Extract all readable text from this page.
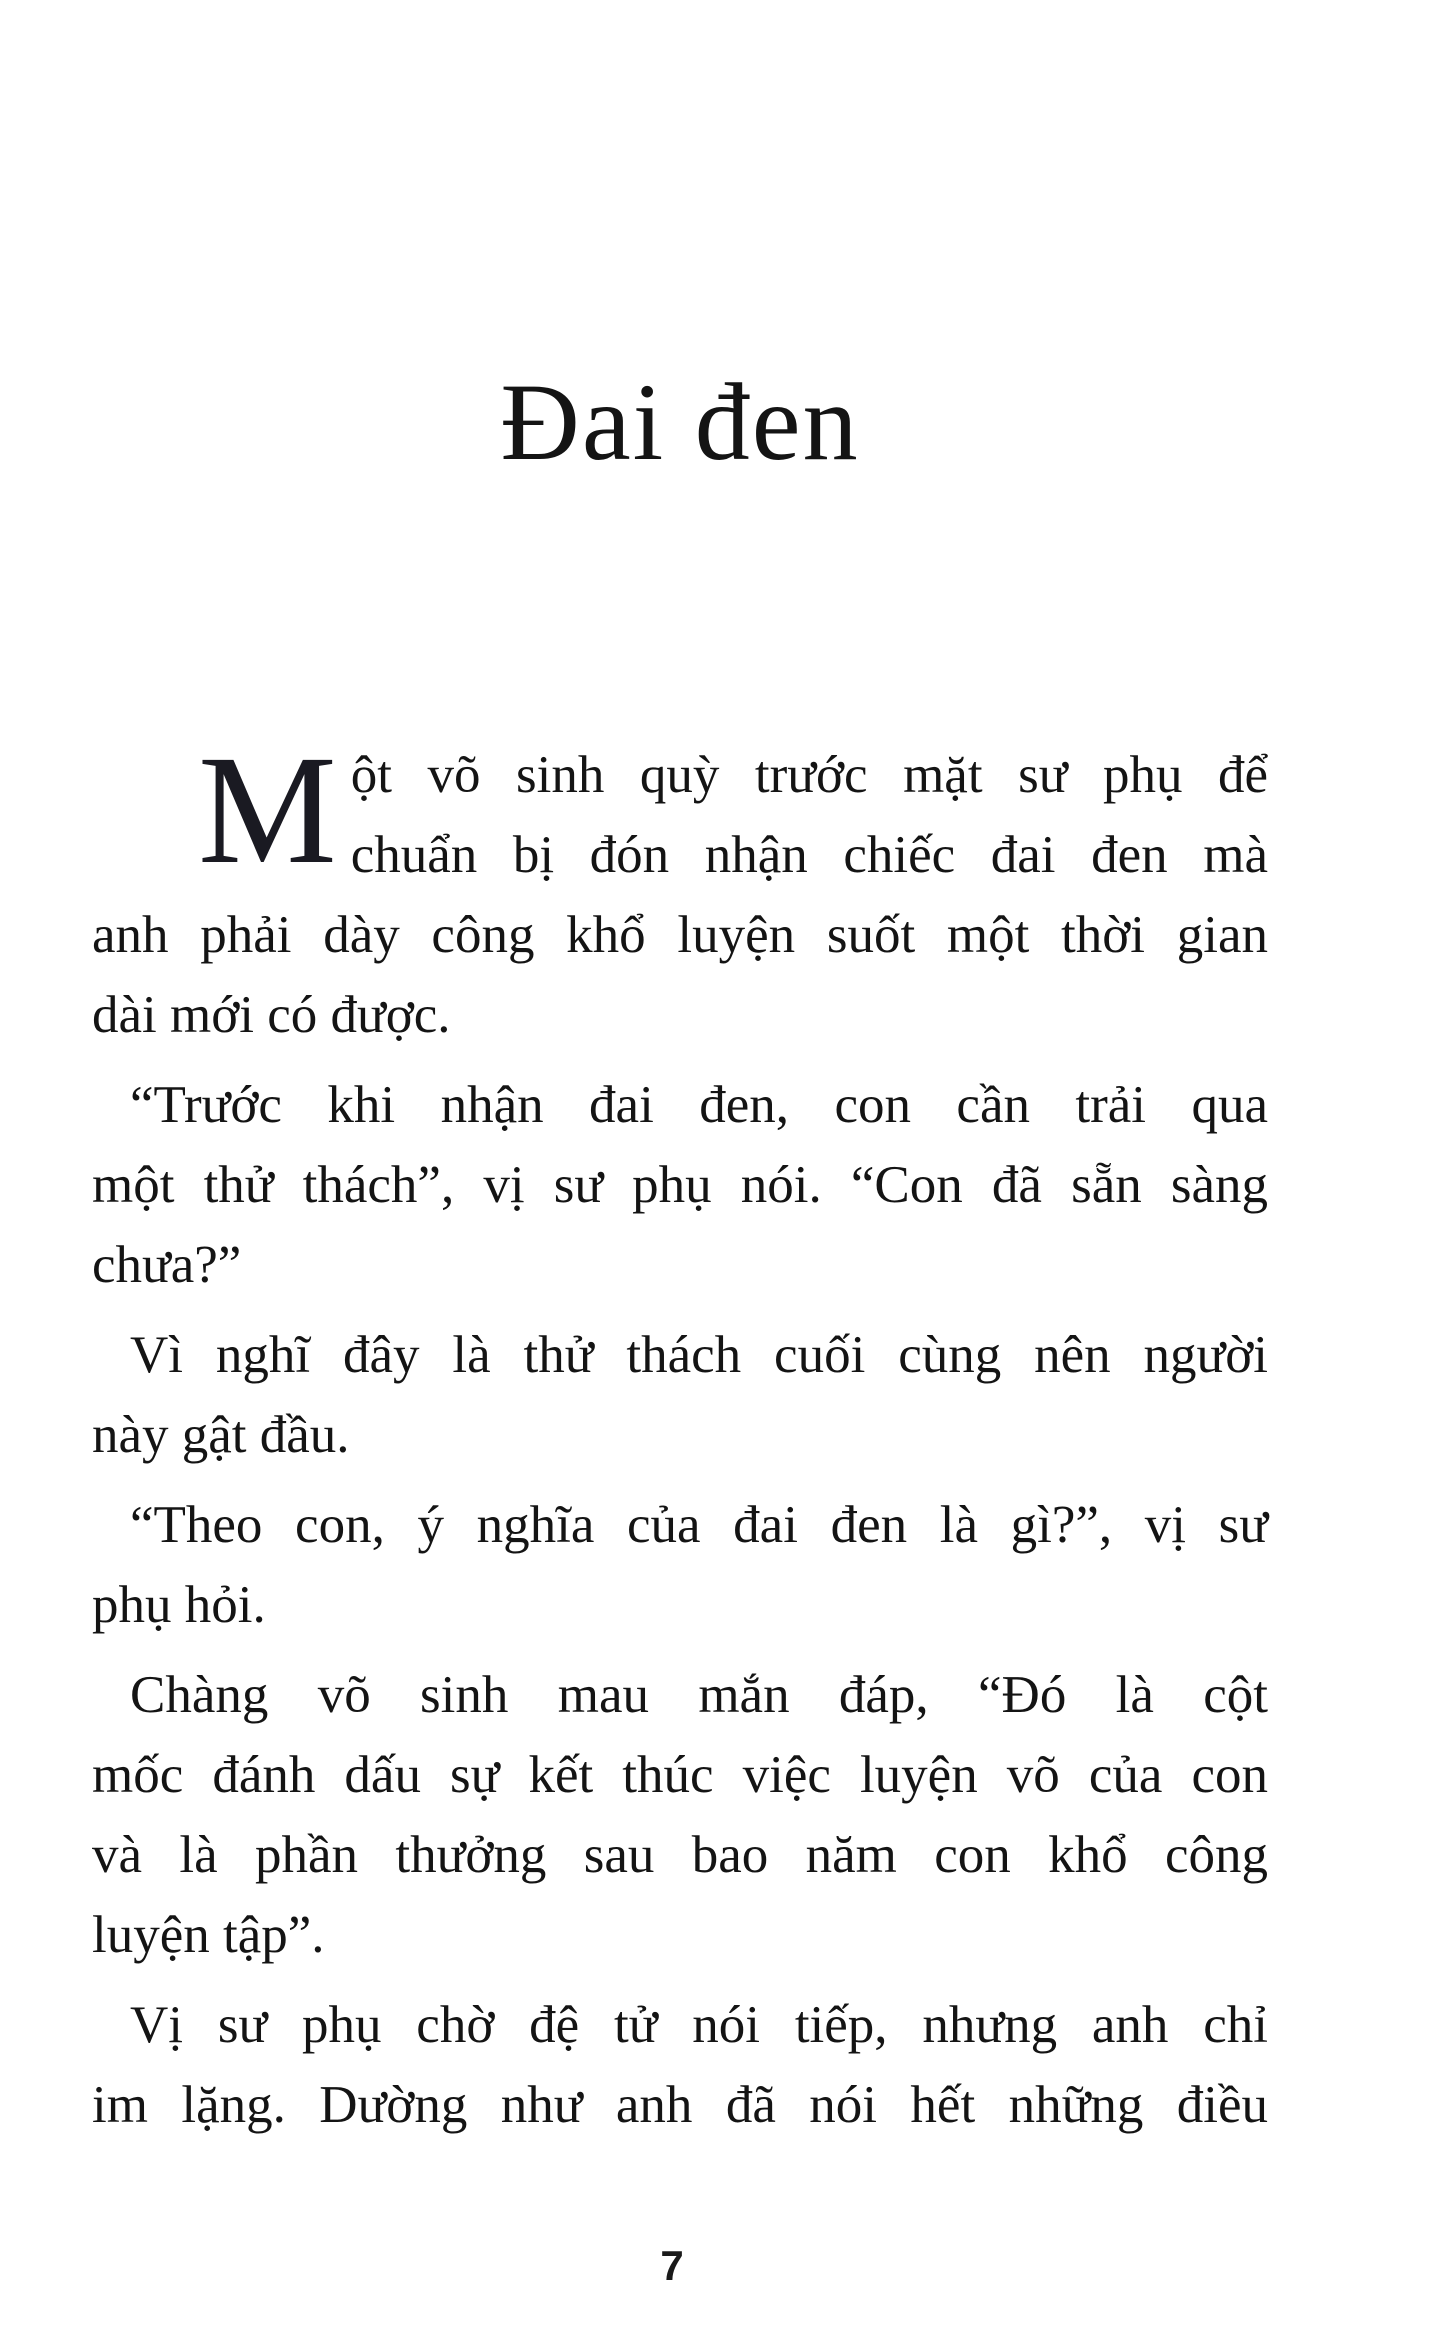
Đai đen
M ột võ sinh quỳ trước mặt sư phụ để
chuẩn bị đón nhận chiếc đai đen mà
anh phải dày công khổ luyện suốt một thời gian
dài mới có được.
“Trước khi nhận đai đen, con cần trải qua
một thử thách”, vị sư phụ nói. “Con đã sẵn sàng
chưa?”
Vì nghĩ đây là thử thách cuối cùng nên người
này gật đầu.
“Theo con, ý nghĩa của đai đen là gì?”, vị sư
phụ hỏi.
Chàng võ sinh mau mắn đáp, “Đó là cột
mốc đánh dấu sự kết thúc việc luyện võ của con
và là phần thưởng sau bao năm con khổ công
luyện tập”.
Vị sư phụ chờ đệ tử nói tiếp, nhưng anh chỉ
im lặng. Dường như anh đã nói hết những điều
7
